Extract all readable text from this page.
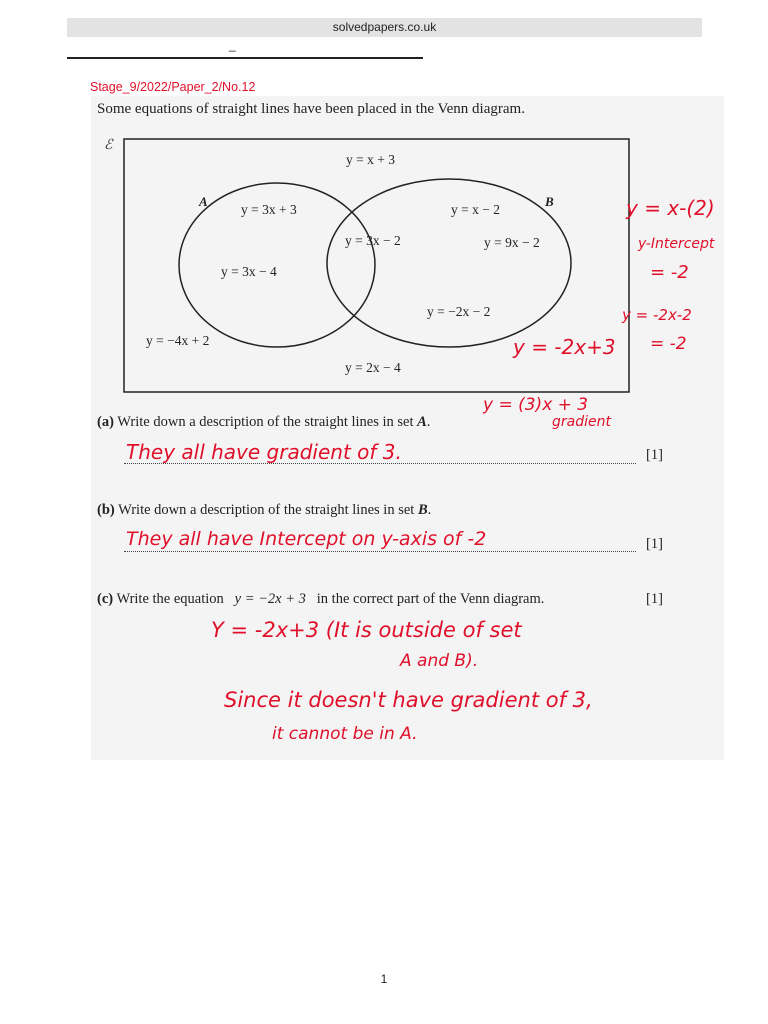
solvedpapers.co.uk
_
Stage_9/2022/Paper_2/No.12
Some equations of straight lines have been placed in the Venn diagram.
ℰ
A	B
y = x + 3
y = 3x + 3
y = 3x − 4
y = 3x − 2
y = x − 2
y = 9x − 2
y = −2x − 2
y = −4x + 2
y = 2x − 4
(a) Write down a description of the straight lines in set A.
[1]
They all have gradient of 3.
(b) Write down a description of the straight lines in set B.
[1]
They all have Intercept on y-axis of -2
(c) Write the equation y = −2x + 3 in the correct part of the Venn diagram.	[1]
y = x-(2)
y-Intercept
= -2
y = -2x-2
= -2
y = -2x+3
y = (3)x + 3
gradient
Y = -2x+3 (It is outside of set
A and B).
Since it doesn't have gradient of 3,
it cannot be in A.
1
